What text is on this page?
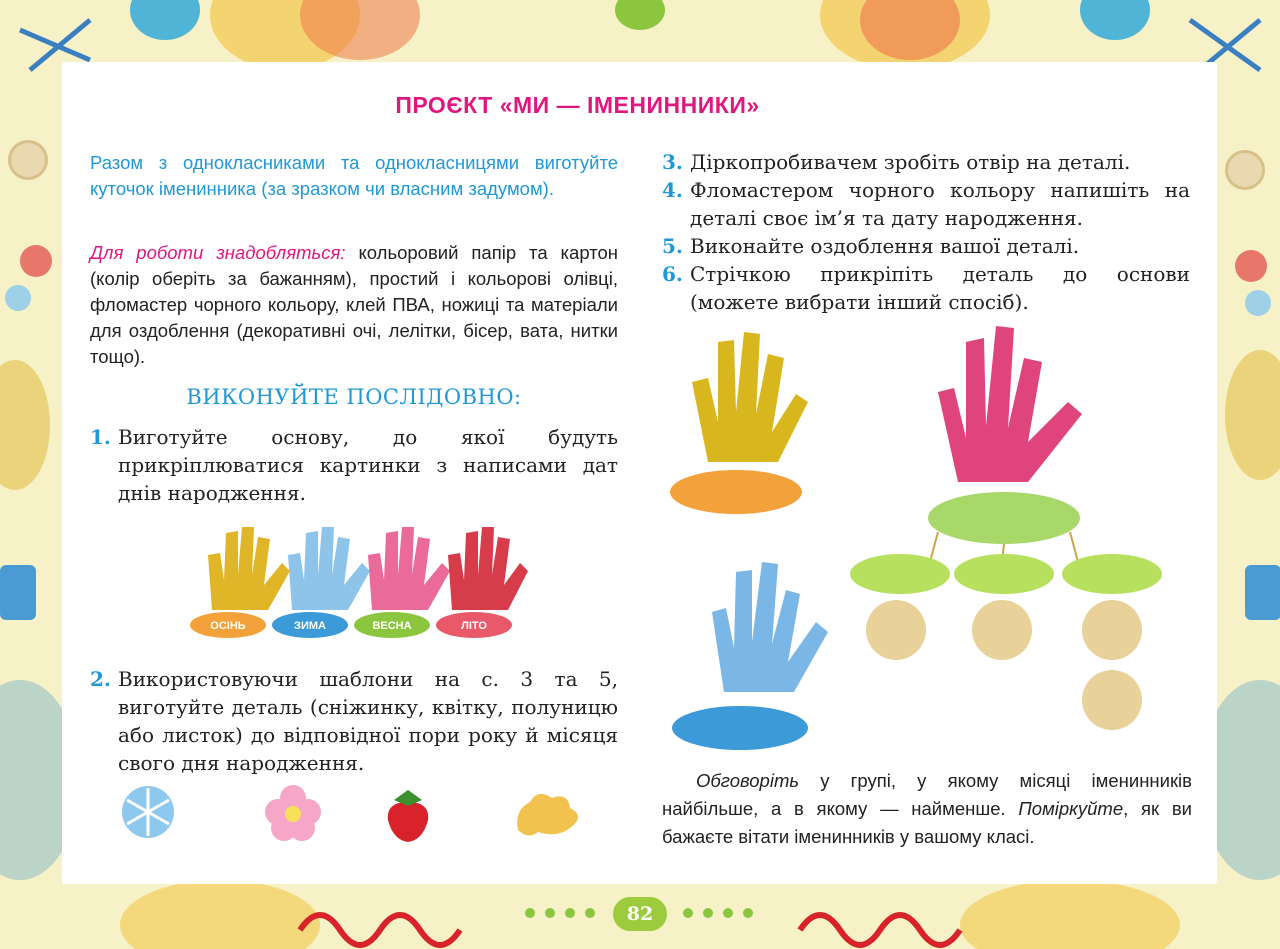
ПРОЄКТ «МИ — ІМЕНИННИКИ»
Разом з однокласниками та однокласницями виготуйте куточок іменинника (за зразком чи власним задумом).
Для роботи знадобляться: кольоровий папір та картон (колір оберіть за бажанням), простий і кольорові олівці, фломастер чорного кольору, клей ПВА, ножиці та матеріали для оздоблення (декоративні очі, лелітки, бісер, вата, нитки тощо).
ВИКОНУЙТЕ ПОСЛІДОВНО:
1. Виготуйте основу, до якої будуть прикріплюватися картинки з написами дат днів народження.
ОСІНЬ	ЗИМА	ВЕСНА	ЛІТО
2. Використовуючи шаблони на с. 3 та 5, виготуйте деталь (сніжинку, квітку, полуницю або листок) до відповідної пори року й місяця свого дня народження.
3. Діркопробивачем зробіть отвір на деталі.
4. Фломастером чорного кольору напишіть на деталі своє ім’я та дату народження.
5. Виконайте оздоблення вашої деталі.
6. Стрічкою прикріпіть деталь до основи (можете вибрати інший спосіб).
Обговоріть у групі, у якому місяці іменинників найбільше, а в якому — найменше. Поміркуйте, як ви бажаєте вітати іменинників у вашому класі.
82
